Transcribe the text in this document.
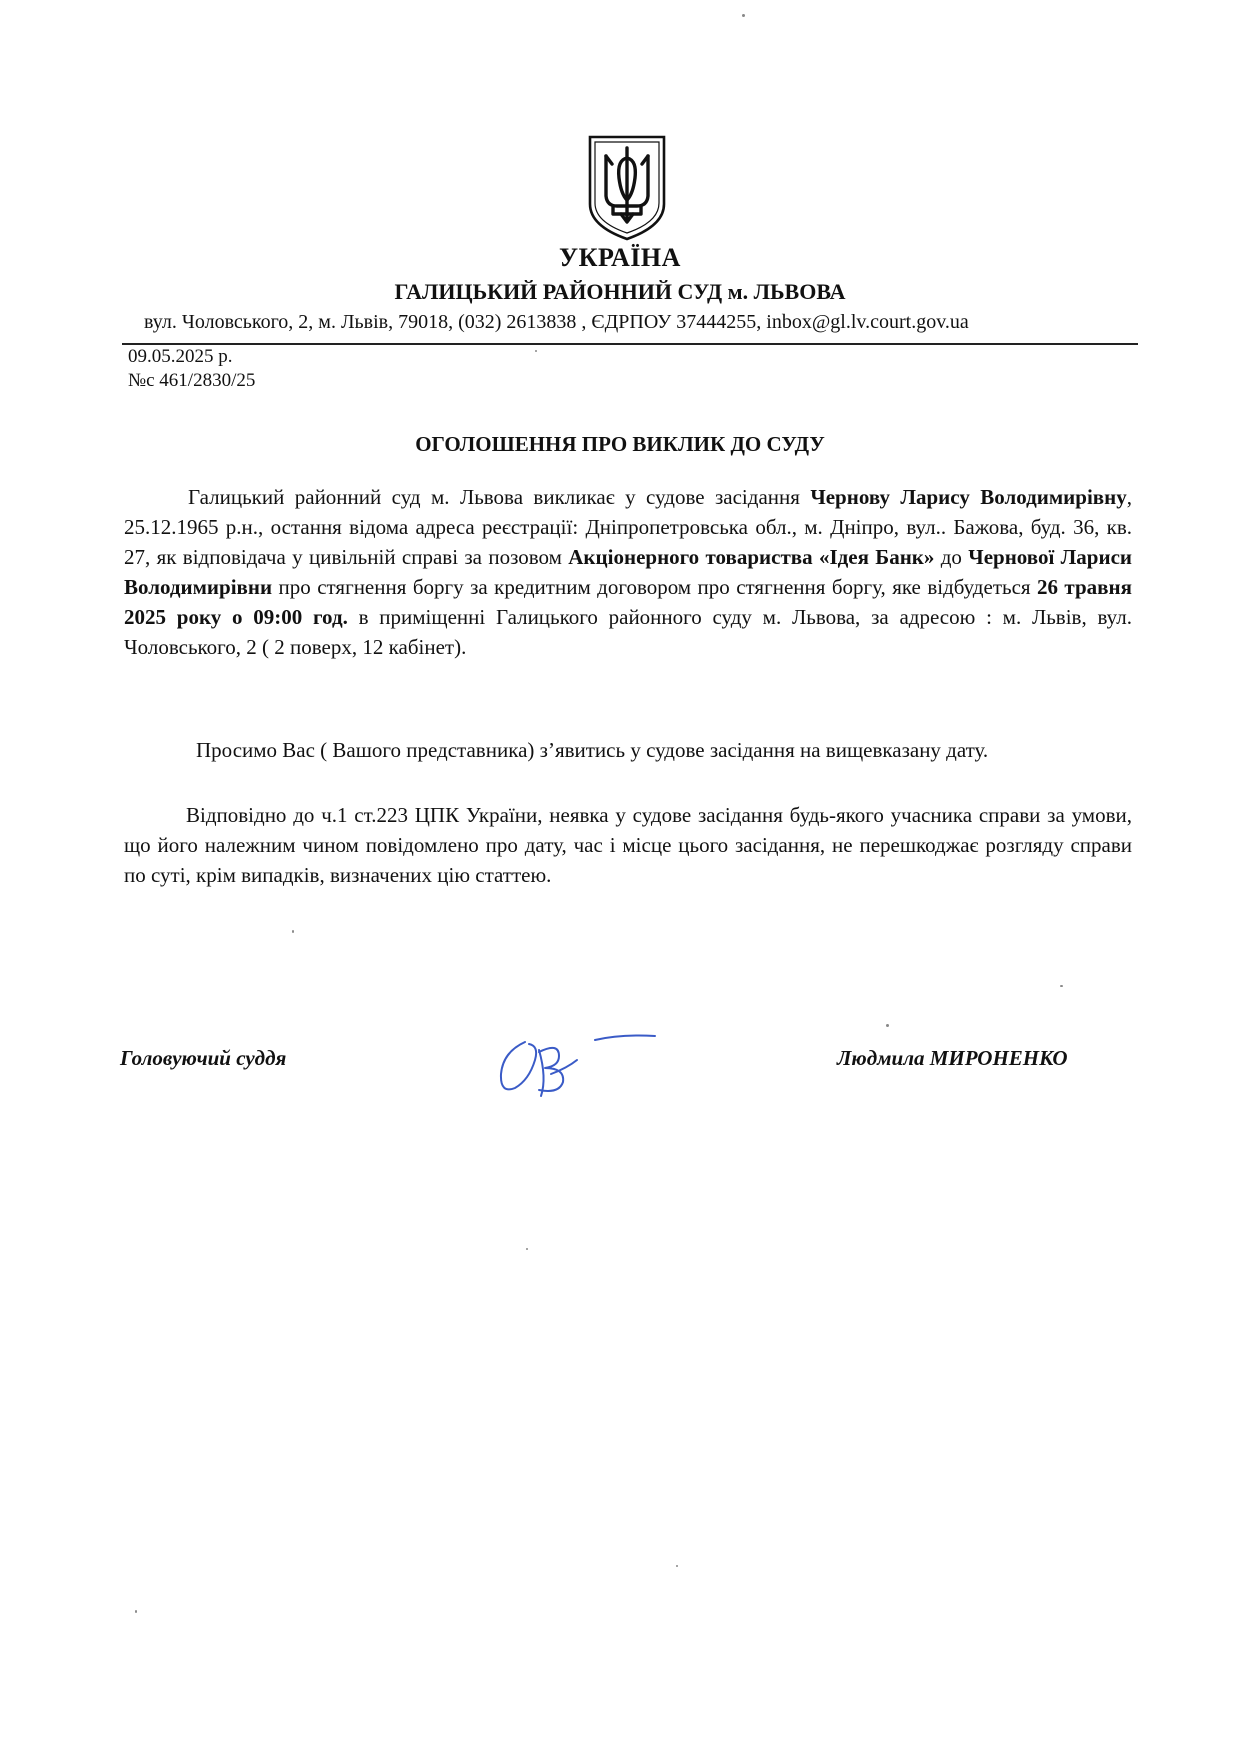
УКРАЇНА
ГАЛИЦЬКИЙ РАЙОННИЙ СУД м. ЛЬВОВА
вул. Чоловського, 2, м. Львів, 79018, (032) 2613838 , ЄДРПОУ 37444255, inbox@gl.lv.court.gov.ua
09.05.2025 р.
№с 461/2830/25
ОГОЛОШЕННЯ ПРО ВИКЛИК ДО СУДУ

Галицький районний суд м. Львова викликає у судове засідання Чернову Ларису Володимирівну, 25.12.1965 р.н., остання відома адреса реєстрації: Дніпропетровська обл., м. Дніпро, вул.. Бажова, буд. 36, кв. 27, як відповідача у цивільній справі за позовом Акціонерного товариства «Ідея Банк» до Чернової Лариси Володимирівни про стягнення боргу за кредитним договором про стягнення боргу, яке відбудеться 26 травня 2025 року о 09:00 год. в приміщенні Галицького районного суду м. Львова, за адресою : м. Львів, вул. Чоловського, 2 ( 2 поверх, 12 кабінет).

Просимо Вас ( Вашого представника) з’явитись у судове засідання на вищевказану дату.

Відповідно до ч.1 ст.223 ЦПК України, неявка у судове засідання будь-якого учасника справи за умови, що його належним чином повідомлено про дату, час і місце цього засідання, не перешкоджає розгляду справи по суті, крім випадків, визначених цію статтею.

Головуючий суддя	Людмила МИРОНЕНКО
